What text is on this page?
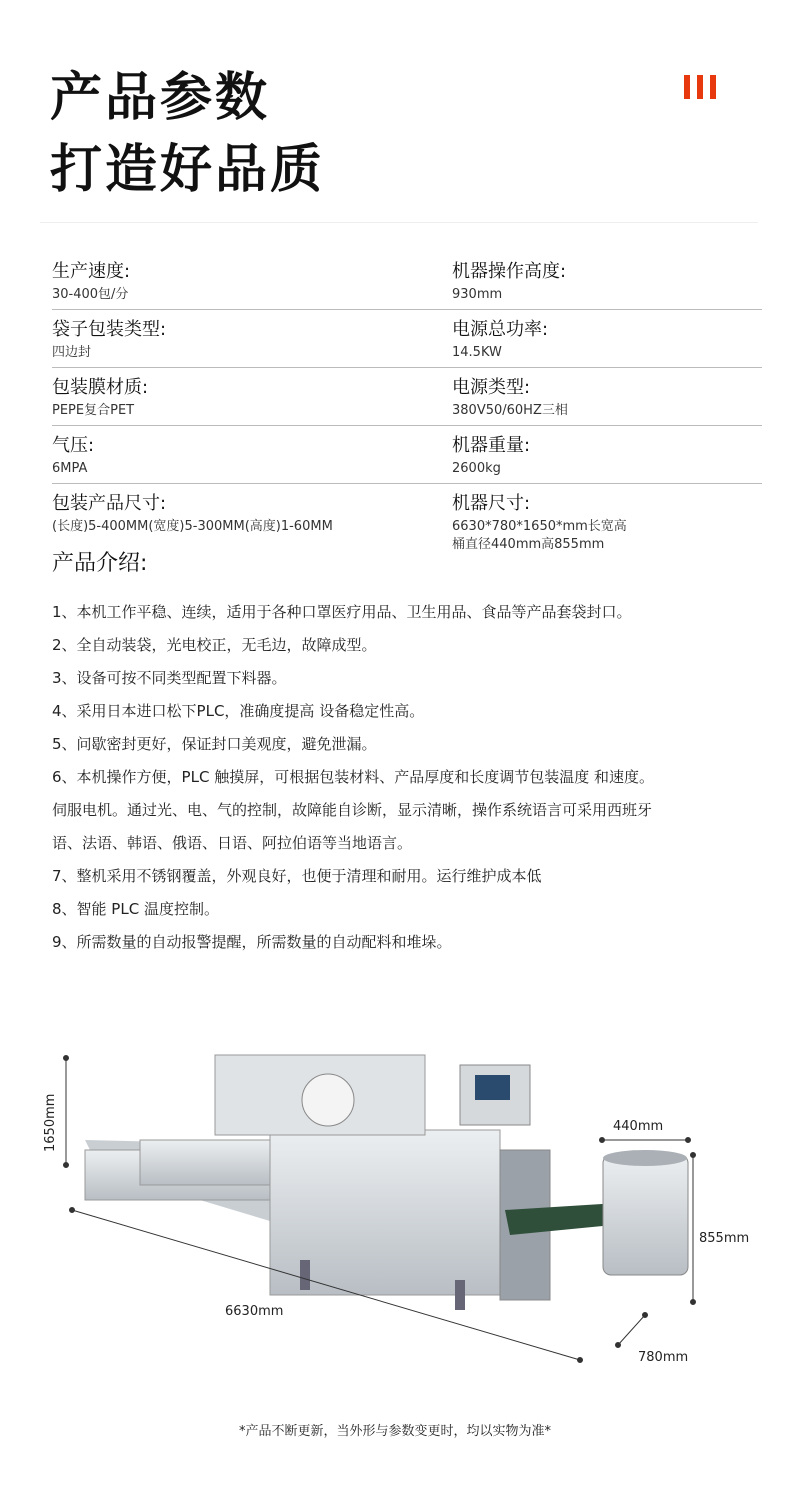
产品参数
打造好品质
生产速度:
30-400包/分
机器操作高度:
930mm
袋子包装类型:
四边封
电源总功率:
14.5KW
包装膜材质:
PEPE复合PET
电源类型:
380V50/60HZ三相
气压:
6MPA
机器重量:
2600kg
包装产品尺寸:
(长度)5-400MM(宽度)5-300MM(高度)1-60MM
机器尺寸:
6630*780*1650*mm长宽高
桶直径440mm高855mm
产品介绍:
1、本机工作平稳、连续，适用于各种口罩医疗用品、卫生用品、食品等产品套袋封口。
2、全自动装袋，光电校正，无毛边，故障成型。
3、设备可按不同类型配置下料器。
4、采用日本进口松下PLC，准确度提高 设备稳定性高。
5、问歇密封更好，保证封口美观度，避免泄漏。
6、本机操作方便，PLC 触摸屏，可根据包装材料、产品厚度和长度调节包装温度 和速度。
伺服电机。通过光、电、气的控制，故障能自诊断，显示清晰，操作系统语言可采用西班牙
语、法语、韩语、俄语、日语、阿拉伯语等当地语言。
7、整机采用不锈钢覆盖，外观良好，也便于清理和耐用。运行维护成本低
8、智能 PLC 温度控制。
9、所需数量的自动报警提醒，所需数量的自动配料和堆垛。
1650mm
6630mm
440mm
855mm
780mm
*产品不断更新，当外形与参数变更时，均以实物为准*
